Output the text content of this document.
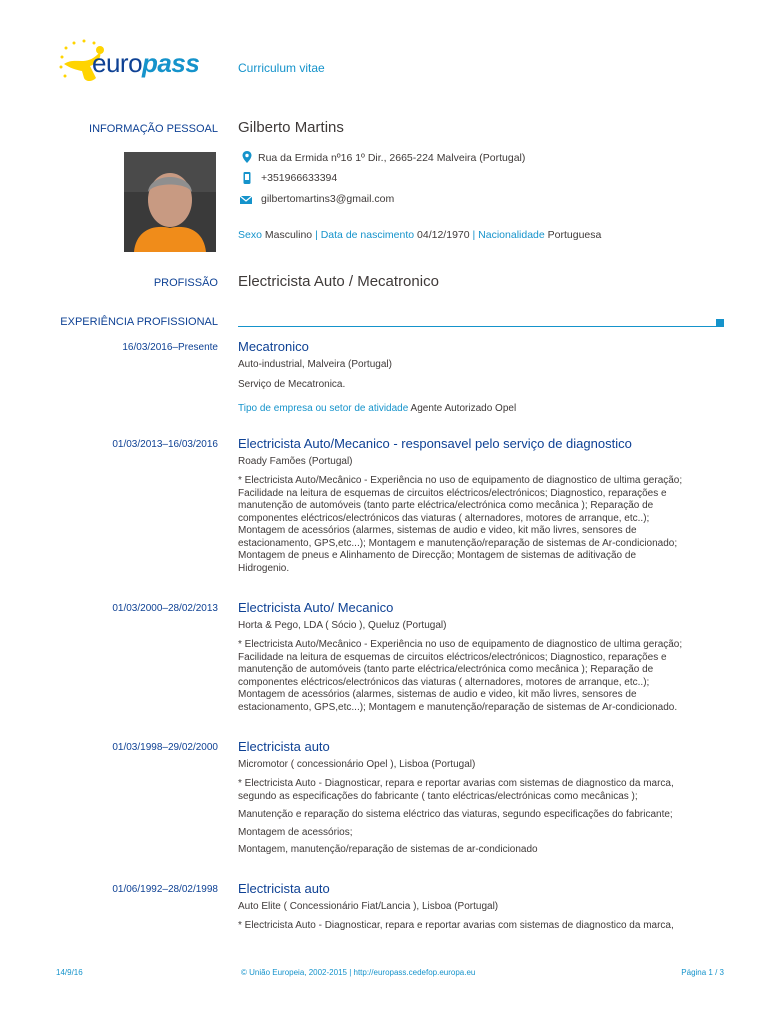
europass	Curriculum vitae
INFORMAÇÃO PESSOAL Gilberto Martins
Rua da Ermida nº16 1º Dir., 2665-224 Malveira (Portugal)
+351966633394
gilbertomartins3@gmail.com
Sexo Masculino | Data de nascimento 04/12/1970 | Nacionalidade Portuguesa
PROFISSÃO Electricista Auto / Mecatronico
EXPERIÊNCIA PROFISSIONAL
16/03/2016–Presente Mecatronico
Auto-industrial, Malveira (Portugal)
Serviço de Mecatronica.
Tipo de empresa ou setor de atividade Agente Autorizado Opel
01/03/2013–16/03/2016 Electricista Auto/Mecanico - responsavel pelo serviço de diagnostico
Roady Famões (Portugal)
* Electricista Auto/Mecânico - Experiência no uso de equipamento de diagnostico de ultima geração;
Facilidade na leitura de esquemas de circuitos eléctricos/electrónicos; Diagnostico, reparações e
manutenção de automóveis (tanto parte eléctrica/electrónica como mecânica ); Reparação de
componentes eléctricos/electrónicos das viaturas ( alternadores, motores de arranque, etc..);
Montagem de acessórios (alarmes, sistemas de audio e video, kit mão livres, sensores de
estacionamento, GPS,etc...); Montagem e manutenção/reparação de sistemas de Ar-condicionado;
Montagem de pneus e Alinhamento de Direcção; Montagem de sistemas de aditivação de
Hidrogenio.
01/03/2000–28/02/2013 Electricista Auto/ Mecanico
Horta & Pego, LDA ( Sócio ), Queluz (Portugal)
* Electricista Auto/Mecânico - Experiência no uso de equipamento de diagnostico de ultima geração;
Facilidade na leitura de esquemas de circuitos eléctricos/electrónicos; Diagnostico, reparações e
manutenção de automóveis (tanto parte eléctrica/electrónica como mecânica ); Reparação de
componentes eléctricos/electrónicos das viaturas ( alternadores, motores de arranque, etc..);
Montagem de acessórios (alarmes, sistemas de audio e video, kit mão livres, sensores de
estacionamento, GPS,etc...); Montagem e manutenção/reparação de sistemas de Ar-condicionado.
01/03/1998–29/02/2000 Electricista auto
Micromotor ( concessionário Opel ), Lisboa (Portugal)
* Electricista Auto - Diagnosticar, repara e reportar avarias com sistemas de diagnostico da marca,
segundo as especificações do fabricante ( tanto eléctricas/electrónicas como mecânicas );
Manutenção e reparação do sistema eléctrico das viaturas, segundo especificações do fabricante;
Montagem de acessórios;
Montagem, manutenção/reparação de sistemas de ar-condicionado
01/06/1992–28/02/1998 Electricista auto
Auto Elite ( Concessionário Fiat/Lancia ), Lisboa (Portugal)
* Electricista Auto - Diagnosticar, repara e reportar avarias com sistemas de diagnostico da marca,
14/9/16	© União Europeia, 2002-2015 | http://europass.cedefop.europa.eu	Página 1 / 3
